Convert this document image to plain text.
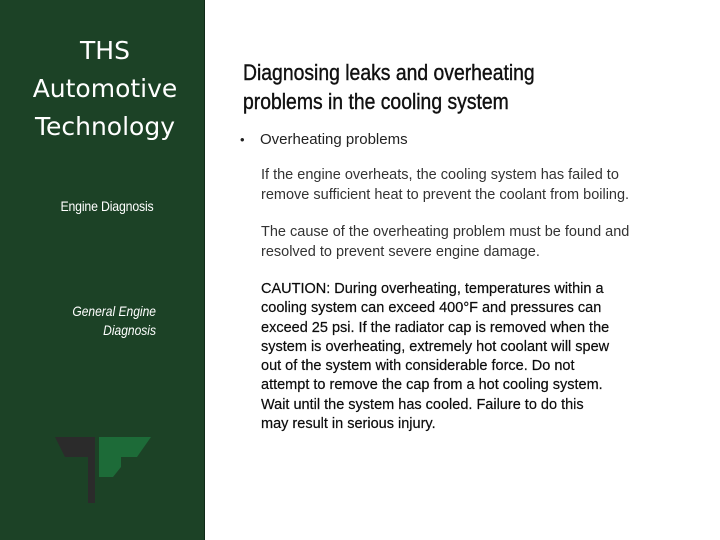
THS
Automotive
Technology
Engine Diagnosis
General Engine
Diagnosis
Diagnosing leaks and overheating
problems in the cooling system
• Overheating problems
If the engine overheats, the cooling system has failed to
remove sufficient heat to prevent the coolant from boiling.
The cause of the overheating problem must be found and
resolved to prevent severe engine damage.
CAUTION: During overheating, temperatures within a
cooling system can exceed 400°F and pressures can
exceed 25 psi. If the radiator cap is removed when the
system is overheating, extremely hot coolant will spew
out of the system with considerable force. Do not
attempt to remove the cap from a hot cooling system.
Wait until the system has cooled. Failure to do this
may result in serious injury.
